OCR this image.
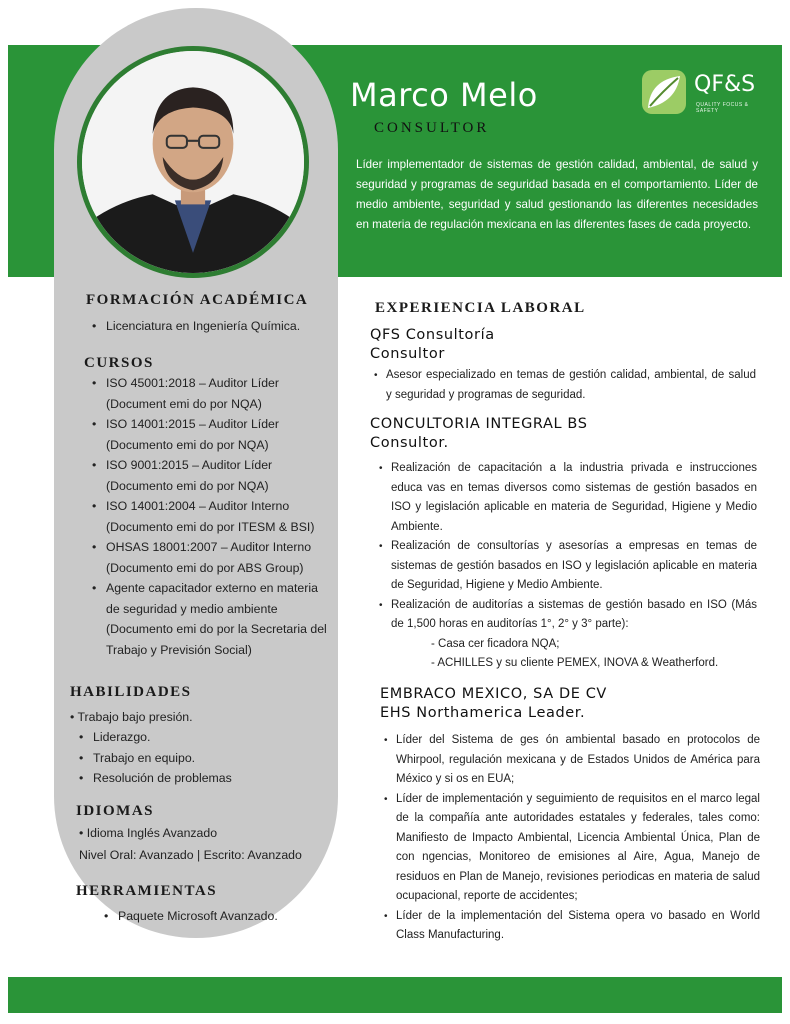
Marco Melo
CONSULTOR
Líder implementador de sistemas de gestión calidad, ambiental, de salud y seguridad y programas de seguridad basada en el comportamiento. Líder de medio ambiente, seguridad y salud gestionando las diferentes necesidades en materia de regulación mexicana en las diferentes fases de cada proyecto.
QF&S
QUALITY FOCUS & SAFETY
FORMACIÓN ACADÉMICA
• Licenciatura en Ingeniería Química.
CURSOS
• ISO 45001:2018 – Auditor Líder (Document emi do por NQA)
• ISO 14001:2015 – Auditor Líder (Documento emi do por NQA)
• ISO 9001:2015 – Auditor Líder (Documento emi do por NQA)
• ISO 14001:2004 – Auditor Interno (Documento emi do por ITESM & BSI)
• OHSAS 18001:2007 – Auditor Interno (Documento emi do por ABS Group)
• Agente capacitador externo en materia de seguridad y medio ambiente (Documento emi do por la Secretaria del Trabajo y Previsión Social)
HABILIDADES
• Trabajo bajo presión.
• Liderazgo.
• Trabajo en equipo.
• Resolución de problemas
IDIOMAS
• Idioma Inglés Avanzado
Nivel Oral: Avanzado | Escrito: Avanzado
HERRAMIENTAS
• Paquete Microsoft Avanzado.
EXPERIENCIA LABORAL
QFS Consultoría
Consultor
• Asesor especializado en temas de gestión calidad, ambiental, de salud y seguridad y programas de seguridad.
CONCULTORIA INTEGRAL BS
Consultor.
• Realización de capacitación a la industria privada e instrucciones educa vas en temas diversos como sistemas de gestión basados en ISO y legislación aplicable en materia de Seguridad, Higiene y Medio Ambiente.
• Realización de consultorías y asesorías a empresas en temas de sistemas de gestión basados en ISO y legislación aplicable en materia de Seguridad, Higiene y Medio Ambiente.
• Realización de auditorías a sistemas de gestión basado en ISO (Más de 1,500 horas en auditorías 1°, 2° y 3° parte):
- Casa cer ficadora NQA;
- ACHILLES y su cliente PEMEX, INOVA & Weatherford.
EMBRACO MEXICO, SA DE CV
EHS Northamerica Leader.
• Líder del Sistema de ges ón ambiental basado en protocolos de Whirpool, regulación mexicana y de Estados Unidos de América para México y si os en EUA;
• Líder de implementación y seguimiento de requisitos en el marco legal de la compañía ante autoridades estatales y federales, tales como: Manifiesto de Impacto Ambiental, Licencia Ambiental Única, Plan de con ngencias, Monitoreo de emisiones al Aire, Agua, Manejo de residuos en Plan de Manejo, revisiones periodicas en materia de salud ocupacional, reporte de accidentes;
• Líder de la implementación del Sistema opera vo basado en World Class Manufacturing.
